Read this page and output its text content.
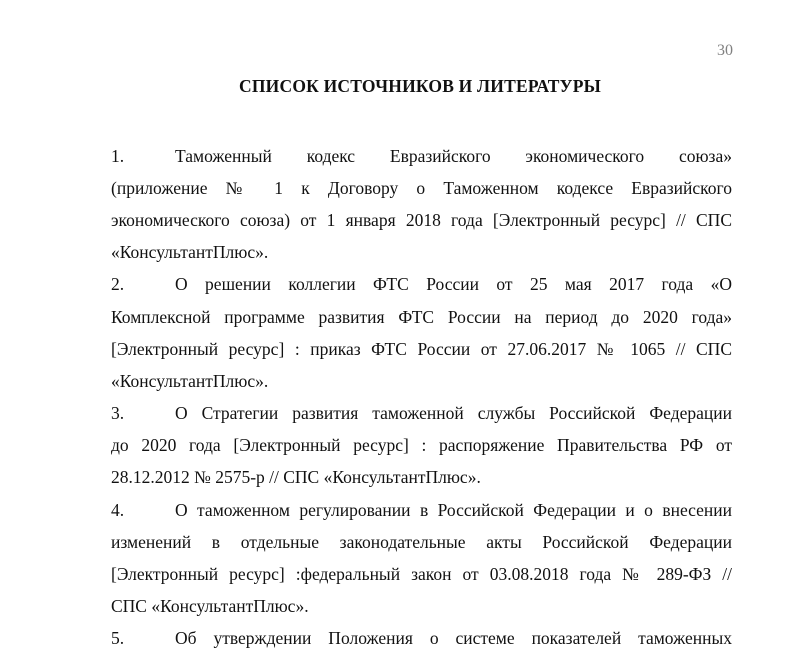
30
СПИСОК ИСТОЧНИКОВ И ЛИТЕРАТУРЫ
1.	Таможенный кодекс Евразийского экономического союза»
(приложение № 1 к Договору о Таможенном кодексе Евразийского
экономического союза) от 1 января 2018 года [Электронный ресурс] // СПС
«КонсультантПлюс».
2.	О решении коллегии ФТС России от 25 мая 2017 года «О
Комплексной программе развития ФТС России на период до 2020 года»
[Электронный ресурс] : приказ ФТС России от 27.06.2017 № 1065 // СПС
«КонсультантПлюс».
3.	О Стратегии развития таможенной службы Российской Федерации
до 2020 года [Электронный ресурс] : распоряжение Правительства РФ от
28.12.2012 № 2575-р // СПС «КонсультантПлюс».
4.	О таможенном регулировании в Российской Федерации и о внесении
изменений в отдельные законодательные акты Российской Федерации
[Электронный ресурс] :федеральный закон от 03.08.2018 года № 289-ФЗ //
СПС «КонсультантПлюс».
5.	Об утверждении Положения о системе показателей таможенных
